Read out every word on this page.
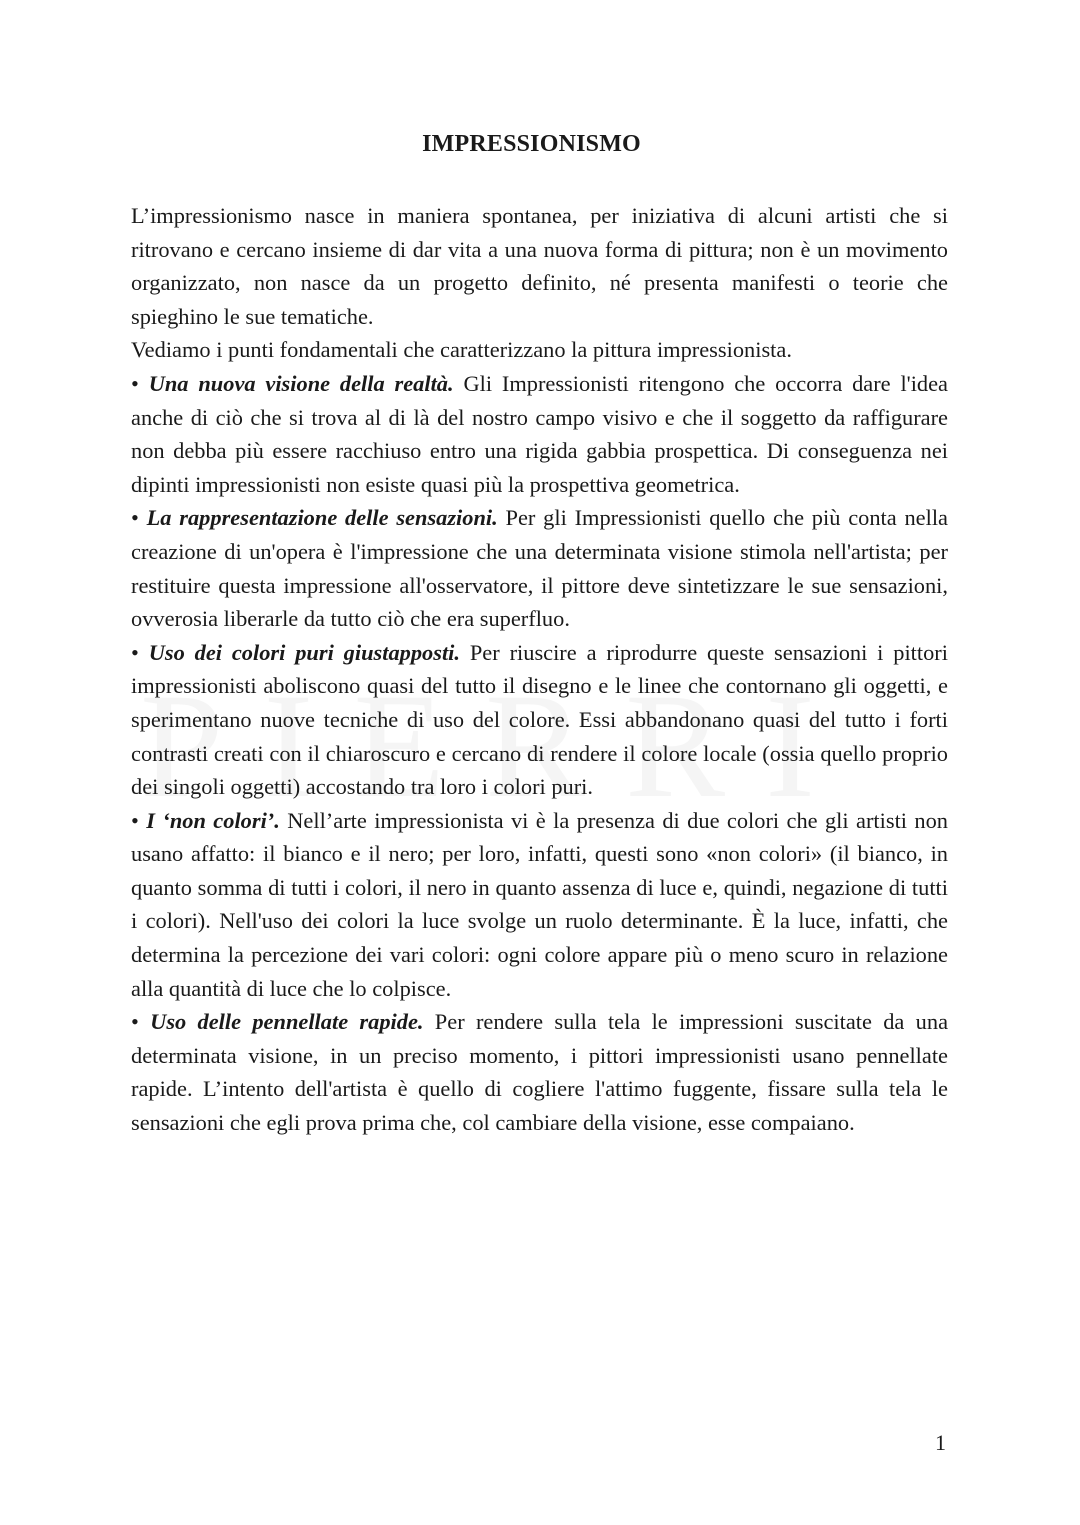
IMPRESSIONISMO

L’impressionismo nasce in maniera spontanea, per iniziativa di alcuni artisti che si ritrovano e cercano insieme di dar vita a una nuova forma di pittura; non è un movimento organizzato, non nasce da un progetto definito, né presenta manifesti o teorie che spieghino le sue tematiche.

Vediamo i punti fondamentali che caratterizzano la pittura impressionista.

• Una nuova visione della realtà. Gli Impressionisti ritengono che occorra dare l'idea anche di ciò che si trova al di là del nostro campo visivo e che il soggetto da raffigurare non debba più essere racchiuso entro una rigida gabbia prospettica. Di conseguenza nei dipinti impressionisti non esiste quasi più la prospettiva geometrica.

• La rappresentazione delle sensazioni. Per gli Impressionisti quello che più conta nella creazione di un'opera è l'impressione che una determinata visione stimola nell'artista; per restituire questa impressione all'osservatore, il pittore deve sintetizzare le sue sensazioni, ovverosia liberarle da tutto ciò che era superfluo.

• Uso dei colori puri giustapposti. Per riuscire a riprodurre queste sensazioni i pittori impressionisti aboliscono quasi del tutto il disegno e le linee che contornano gli oggetti, e sperimentano nuove tecniche di uso del colore. Essi abbandonano quasi del tutto i forti contrasti creati con il chiaroscuro e cercano di rendere il colore locale (ossia quello proprio dei singoli oggetti) accostando tra loro i colori puri.

• I ‘non colori’. Nell’arte impressionista vi è la presenza di due colori che gli artisti non usano affatto: il bianco e il nero; per loro, infatti, questi sono «non colori» (il bianco, in quanto somma di tutti i colori, il nero in quanto assenza di luce e, quindi, negazione di tutti i colori). Nell'uso dei colori la luce svolge un ruolo determinante. È la luce, infatti, che determina la percezione dei vari colori: ogni colore appare più o meno scuro in relazione alla quantità di luce che lo colpisce.

• Uso delle pennellate rapide. Per rendere sulla tela le impressioni suscitate da una determinata visione, in un preciso momento, i pittori impressionisti usano pennellate rapide. L’intento dell'artista è quello di cogliere l'attimo fuggente, fissare sulla tela le sensazioni che egli prova prima che, col cambiare della visione, esse compaiano.

1
